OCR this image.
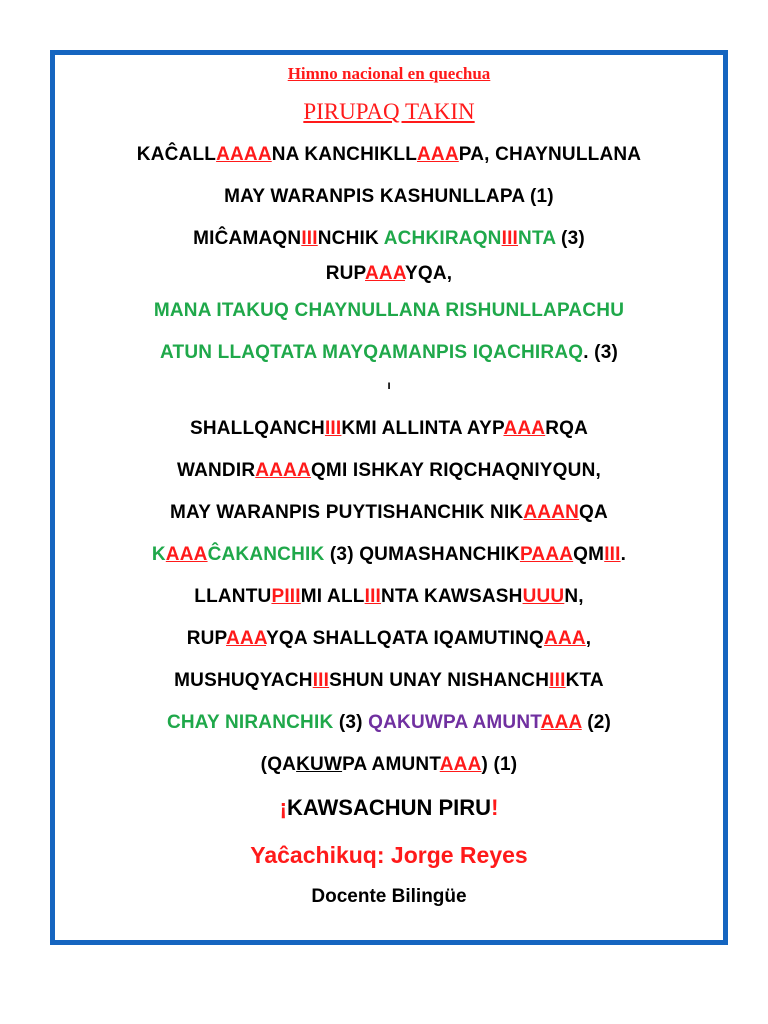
Himno nacional en quechua
PIRUPAQ TAKIN
KAĈALLAAAANA KANCHIKLLAAAPA, CHAYNULLANA
MAY WARANPIS KASHUNLLAPA (1)
MIĈAMAQNIIINCHIK ACHKIRAQNIIINTA (3)
RUPAAAYQA,
MANA ITAKUQ CHAYNULLANA RISHUNLLAPACHU
ATUN LLAQTATA MAYQAMANPIS IQACHIRAQ. (3)
ı
SHALLQANCHIIIKMI ALLINTA AYPAAARQA
WANDIRAAAAQMI ISHKAY RIQCHAQNIYQUN,
MAY WARANPIS PUYTISHANCHIK NIKAAANQA
KAAAĈAKANCHIK (3) QUMASHANCHIKPAAAQMIII.
LLANTUPIIIMI ALLIIINTA KAWSASHUUUN,
RUPAAAYQA SHALLQATA IQAMUTINQAAA,
MUSHUQYACHIIISHUN UNAY NISHANCHIIIKTA
CHAY NIRANCHIK (3) QAKUWPA AMUNTAAA (2)
(QAKUWPA AMUNTAAA) (1)
¡KAWSACHUN PIRU!
Yaĉachikuq: Jorge Reyes
Docente Bilingüe
